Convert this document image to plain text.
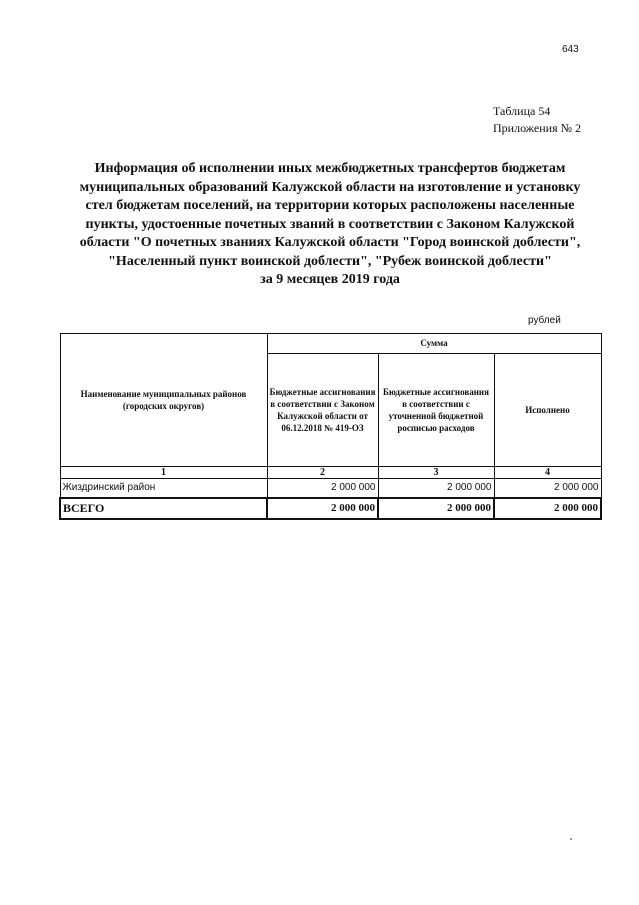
643
Таблица 54
Приложения № 2
Информация об исполнении иных межбюджетных трансфертов бюджетам
муниципальных образований Калужской области на изготовление и установку
стел бюджетам поселений, на территории которых расположены населенные
пункты, удостоенные почетных званий в соответствии с Законом Калужской
области "О почетных званиях Калужской области "Город воинской доблести",
"Населенный пункт воинской доблести", "Рубеж воинской доблести"
за 9 месяцев 2019 года
рублей
Наименование муниципальных районов (городских округов)	Сумма		
	Бюджетные ассигнования в соответствии с Законом Калужской области от 06.12.2018 № 419-ОЗ	Бюджетные ассигнования в соответствии с уточненной бюджетной росписью расходов	Исполнено
1	2	3	4
Жиздринский район	2 000 000	2 000 000	2 000 000
ВСЕГО	2 000 000	2 000 000	2 000 000
